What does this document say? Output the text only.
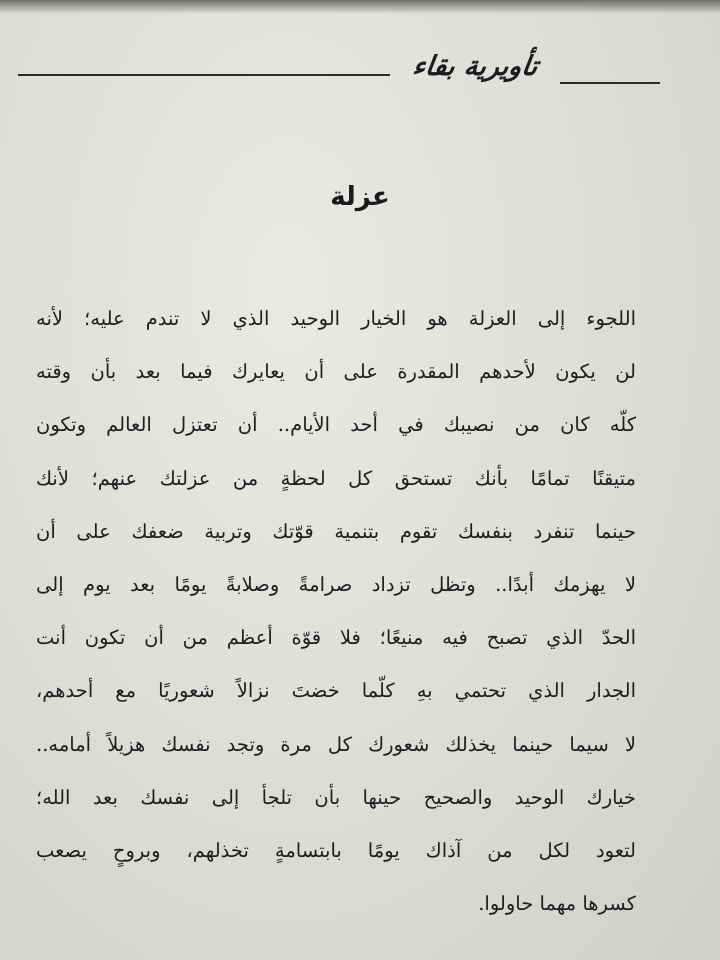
تأويرية بقاء
عزلة
اللجوء إلى العزلة هو الخيار الوحيد الذي لا تندم عليه؛ لأنه
لن يكون لأحدهم المقدرة على أن يعايرك فيما بعد بأن وقته
كلّه كان من نصيبك في أحد الأيام.. أن تعتزل العالم وتكون
متيقنًا تمامًا بأنك تستحق كل لحظةٍ من عزلتك عنهم؛ لأنك
حينما تنفرد بنفسك تقوم بتنمية قوّتك وتربية ضعفك على أن
لا يهزمك أبدًا.. وتظل تزداد صرامةً وصلابةً يومًا بعد يوم إلى
الحدّ الذي تصبح فيه منيعًا؛ فلا قوّة أعظم من أن تكون أنت
الجدار الذي تحتمي بهِ كلّما خضتَ نزالاً شعوريًا مع أحدهم،
لا سيما حينما يخذلك شعورك كل مرة وتجد نفسك هزيلاً أمامه..
خيارك الوحيد والصحيح حينها بأن تلجأ إلى نفسك بعد الله؛
لتعود لكل من آذاك يومًا بابتسامةٍ تخذلهم، وبروحٍ يصعب
كسرها مهما حاولوا.
